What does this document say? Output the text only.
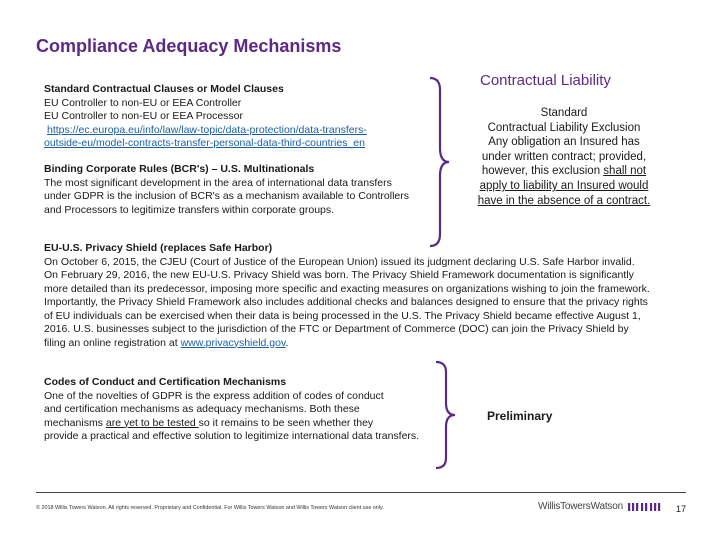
Compliance Adequacy Mechanisms
Standard Contractual Clauses or Model Clauses
EU Controller to non-EU or EEA Controller
EU Controller to non-EU or EEA Processor
https://ec.europa.eu/info/law/law-topic/data-protection/data-transfers-
outside-eu/model-contracts-transfer-personal-data-third-countries_en
Binding Corporate Rules (BCR's) – U.S. Multinationals
The most significant development in the area of international data transfers
under GDPR is the inclusion of BCR's as a mechanism available to Controllers
and Processors to legitimize transfers within corporate groups.
Contractual Liability
Standard
Contractual Liability Exclusion
Any obligation an Insured has
under written contract; provided,
however, this exclusion shall not
apply to liability an Insured would
have in the absence of a contract.
EU-U.S. Privacy Shield (replaces Safe Harbor)
On October 6, 2015, the CJEU (Court of Justice of the European Union) issued its judgment declaring U.S. Safe Harbor invalid.
On February 29, 2016, the new EU-U.S. Privacy Shield was born. The Privacy Shield Framework documentation is significantly
more detailed than its predecessor, imposing more specific and exacting measures on organizations wishing to join the framework.
Importantly, the Privacy Shield Framework also includes additional checks and balances designed to ensure that the privacy rights
of EU individuals can be exercised when their data is being processed in the U.S. The Privacy Shield became effective August 1,
2016. U.S. businesses subject to the jurisdiction of the FTC or Department of Commerce (DOC) can join the Privacy Shield by
filing an online registration at www.privacyshield.gov.
Codes of Conduct and Certification Mechanisms
One of the novelties of GDPR is the express addition of codes of conduct
and certification mechanisms as adequacy mechanisms. Both these
mechanisms are yet to be tested so it remains to be seen whether they
provide a practical and effective solution to legitimize international data transfers.
Preliminary
© 2018 Willis Towers Watson. All rights reserved. Proprietary and Confidential. For Willis Towers Watson and Willis Towers Watson client use only.	WillisTowersWatson	17
